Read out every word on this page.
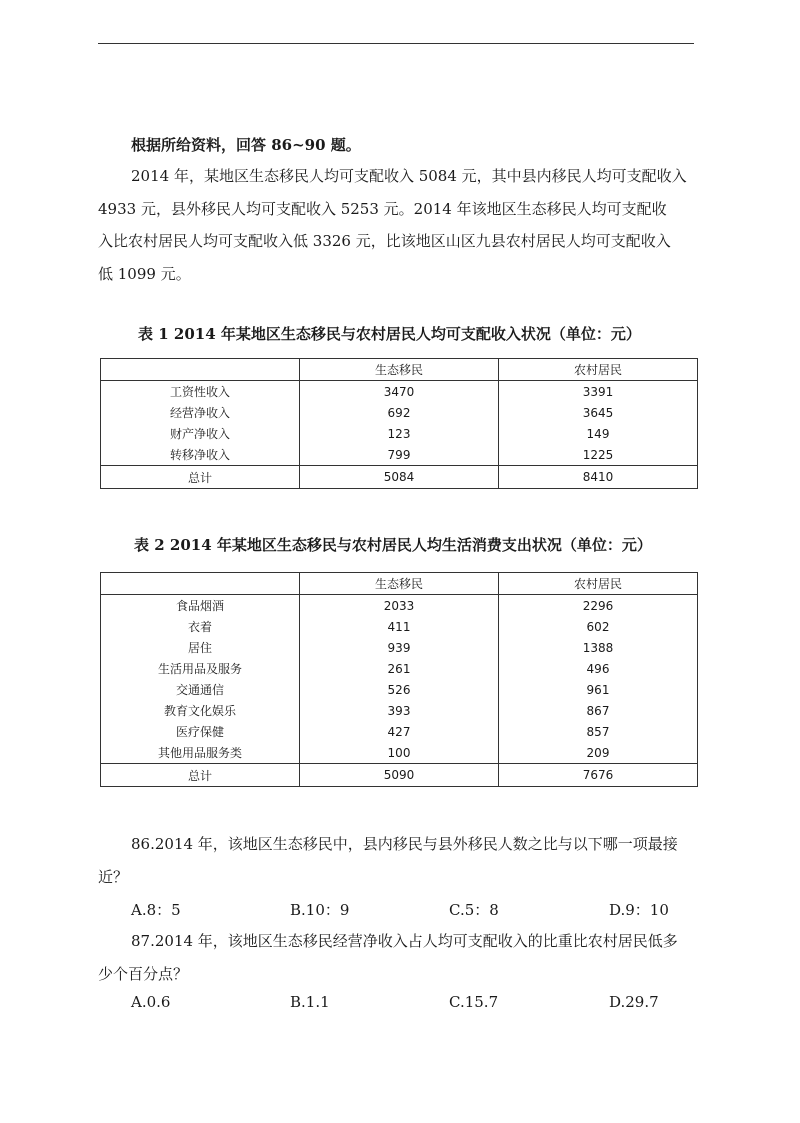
根据所给资料，回答 86~90 题。
2014 年，某地区生态移民人均可支配收入 5084 元，其中县内移民人均可支配收入
4933 元，县外移民人均可支配收入 5253 元。2014 年该地区生态移民人均可支配收
入比农村居民人均可支配收入低 3326 元，比该地区山区九县农村居民人均可支配收入
低 1099 元。
表 1 2014 年某地区生态移民与农村居民人均可支配收入状况（单位：元）
	生态移民	农村居民
工资性收入	3470	3391
经营净收入	692	3645
财产净收入	123	149
转移净收入	799	1225
总计	5084	8410
表 2 2014 年某地区生态移民与农村居民人均生活消费支出状况（单位：元）
	生态移民	农村居民
食品烟酒	2033	2296
衣着	411	602
居住	939	1388
生活用品及服务	261	496
交通通信	526	961
教育文化娱乐	393	867
医疗保健	427	857
其他用品服务类	100	209
总计	5090	7676
86.2014 年，该地区生态移民中，县内移民与县外移民人数之比与以下哪一项最接
近？
A.8：5	B.10：9	C.5：8	D.9：10
87.2014 年，该地区生态移民经营净收入占人均可支配收入的比重比农村居民低多
少个百分点？
A.0.6	B.1.1	C.15.7	D.29.7
